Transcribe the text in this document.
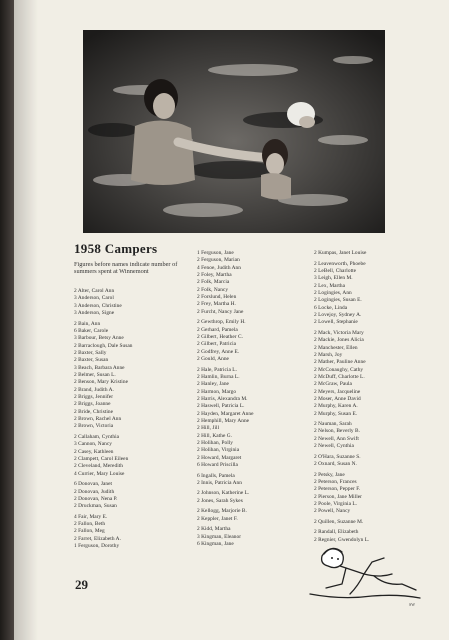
1958 Campers
Figures before names indicate number of summers spent at Winnemont
2 Alter, Carol Ann
3 Anderson, Carol
3 Anderson, Christine
3 Anderson, Signe
2 Bain, Ann
6 Baker, Carole
3 Barbour, Betsy Anne
2 Barraclough, Dale Susan
2 Baxter, Sally
2 Baxter, Susan
3 Beach, Barbara Anne
2 Belmer, Susan L.
2 Benson, Mary Kristine
2 Brand, Judith A.
2 Briggs, Jennifer
2 Briggs, Joanne
2 Bride, Christine
2 Brown, Rachel Ann
2 Brown, Victoria
2 Callaham, Cynthia
3 Cannon, Nancy
2 Casey, Kathleen
2 Clampett, Carol Eileen
2 Cleveland, Meredith
4 Currier, Mary Louise
6 Donovan, Janet
2 Donovan, Judith
2 Donovan, Nena P.
2 Druckman, Susan
4 Fair, Mary E.
2 Fallon, Beth
2 Fallon, Meg
2 Farret, Elizabeth A.
1 Ferguson, Dorothy
1 Ferguson, Jane
2 Ferguson, Marian
4 Fenoe, Judith Ann
2 Foley, Martha
2 Folk, Marcia
2 Folk, Nancy
2 Forslund, Helen
2 Frey, Martha H.
2 Furcht, Nancy Jane
2 Gewthrop, Emily H.
2 Gerhard, Pamela
2 Gilbert, Heather C.
2 Gilbert, Patricia
2 Godfrey, Anne E.
2 Gould, Anne
2 Hale, Patricia L.
2 Hamlin, Burna L.
2 Hanley, Jane
2 Harmon, Margo
2 Harris, Alexandra M.
2 Haswell, Patricia L.
2 Hayden, Margaret Anne
2 Hemphill, Mary Anne
2 Hill, Jill
2 Hill, Kathe G.
2 Holihan, Polly
2 Holihan, Virginia
2 Howard, Margaret
6 Howard Priscilla
6 Ingalls, Pamela
2 Innis, Patricia Ann
2 Johnson, Katherine L.
2 Jones, Sarah Sykes
2 Kellogg, Marjorie B.
2 Keppler, Janet F.
2 Kidd, Martha
3 Kingman, Eleanor
6 Kingman, Jane
2 Kumpas, Janet Louise
2 Leavenworth, Phoebe
2 LeBell, Charlotte
3 Leigh, Ellen M.
2 Lex, Martha
2 Logingies, Ann
2 Logingies, Susan E.
6 Locke, Linda
2 Lovejoy, Sydney A.
2 Lowell, Stephanie
2 Mack, Victoria Mary
2 Mackie, Jones Alicia
2 Manchester, Ellen
2 Marsh, Joy
2 Mather, Pauline Anne
2 McConaughy, Cathy
2 McDuff, Charlotte L.
2 McGraw, Paula
2 Meyers, Jacqueline
2 Moser, Anne David
2 Murphy, Karen A.
2 Murphy, Susan E.
2 Nauman, Sarah
2 Nelson, Beverly B.
2 Newell, Ann Swift
2 Newell, Cynthia
2 O'Hara, Suzanne S.
2 Oxnard, Susan N.
2 Petsky, Jane
2 Peterson, Frances
2 Peterson, Pepper F.
2 Pierson, Jane Miller
2 Poole, Virginia L.
2 Powell, Nancy
2 Quillen, Suzanne M.
2 Randall, Elizabeth
2 Regnier, Gwendolyn L.
29
SW
